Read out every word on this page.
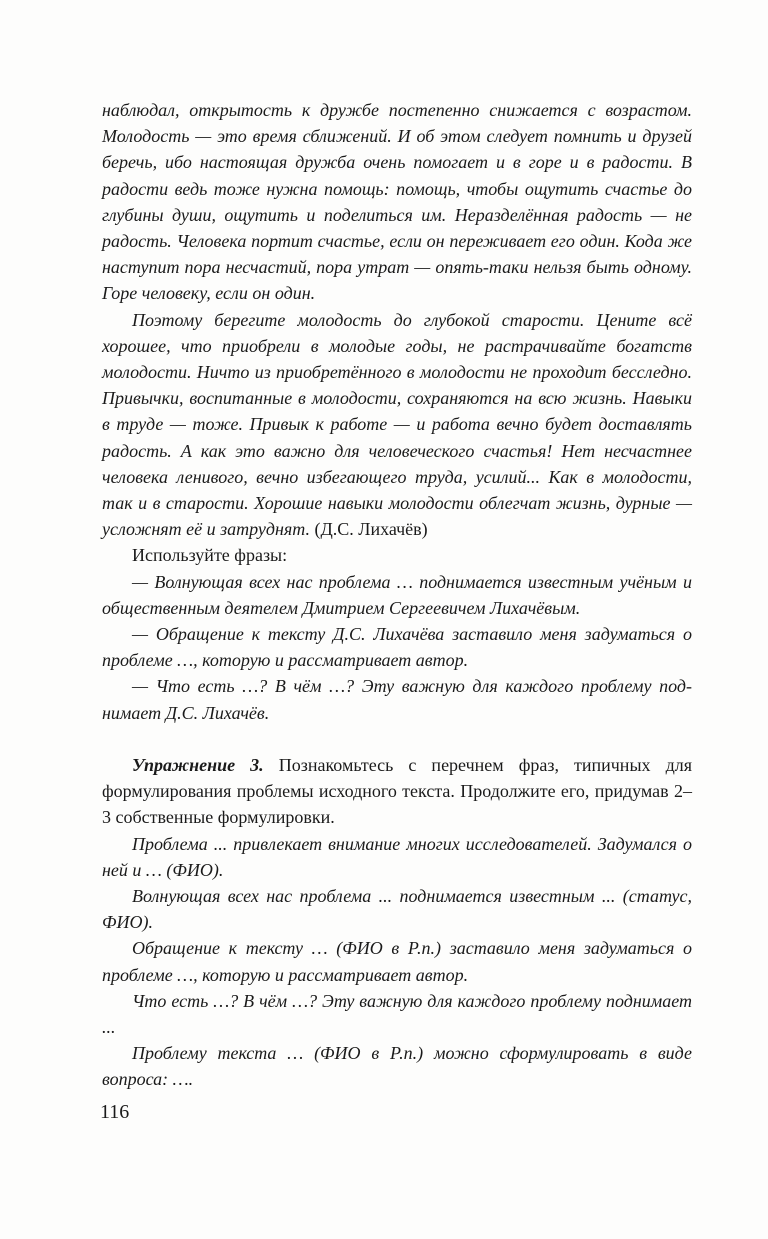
наблюдал, открытость к дружбе постепенно снижается с возрастом. Молодость — это время сближений. И об этом следует помнить и друзей беречь, ибо настоящая дружба очень помогает и в горе и в радости. В радости ведь тоже нужна помощь: помощь, чтобы ощутить счастье до глубины души, ощутить и поделиться им. Неразделённая радость — не радость. Человека портит счастье, если он переживает его один. Кода же наступит пора несчастий, пора утрат — опять-таки нельзя быть одному. Горе человеку, если он один.

Поэтому берегите молодость до глубокой старости. Цените всё хорошее, что приобрели в молодые годы, не растрачивайте богатств молодости. Ничто из приобретённого в молодости не проходит бесследно. Привычки, воспитанные в молодости, сохраняются на всю жизнь. Навыки в труде — тоже. Привык к работе — и работа вечно будет доставлять радость. А как это важно для человеческого счастья! Нет несчастнее человека ленивого, вечно избегающего труда, усилий... Как в молодости, так и в старости. Хорошие навыки молодости облегчат жизнь, дурные — усложнят её и затруднят. (Д.С. Лихачёв)

Используйте фразы:

— Волнующая всех нас проблема … поднимается известным учёным и общественным деятелем Дмитрием Сергеевичем Лихачёвым.

— Обращение к тексту Д.С. Лихачёва заставило меня задуматься о проблеме …, которую и рассматривает автор.

— Что есть …? В чём …? Эту важную для каждого проблему поднимает Д.С. Лихачёв.

Упражнение 3. Познакомьтесь с перечнем фраз, типичных для формулирования проблемы исходного текста. Продолжите его, придумав 2–3 собственные формулировки.

Проблема ... привлекает внимание многих исследователей. Задумался о ней и … (ФИО).

Волнующая всех нас проблема ... поднимается известным ... (статус, ФИО).

Обращение к тексту … (ФИО в Р.п.) заставило меня задуматься о проблеме …, которую и рассматривает автор.

Что есть …? В чём …? Эту важную для каждого проблему поднимает ...

Проблему текста … (ФИО в Р.п.) можно сформулировать в виде вопроса: ….

116
